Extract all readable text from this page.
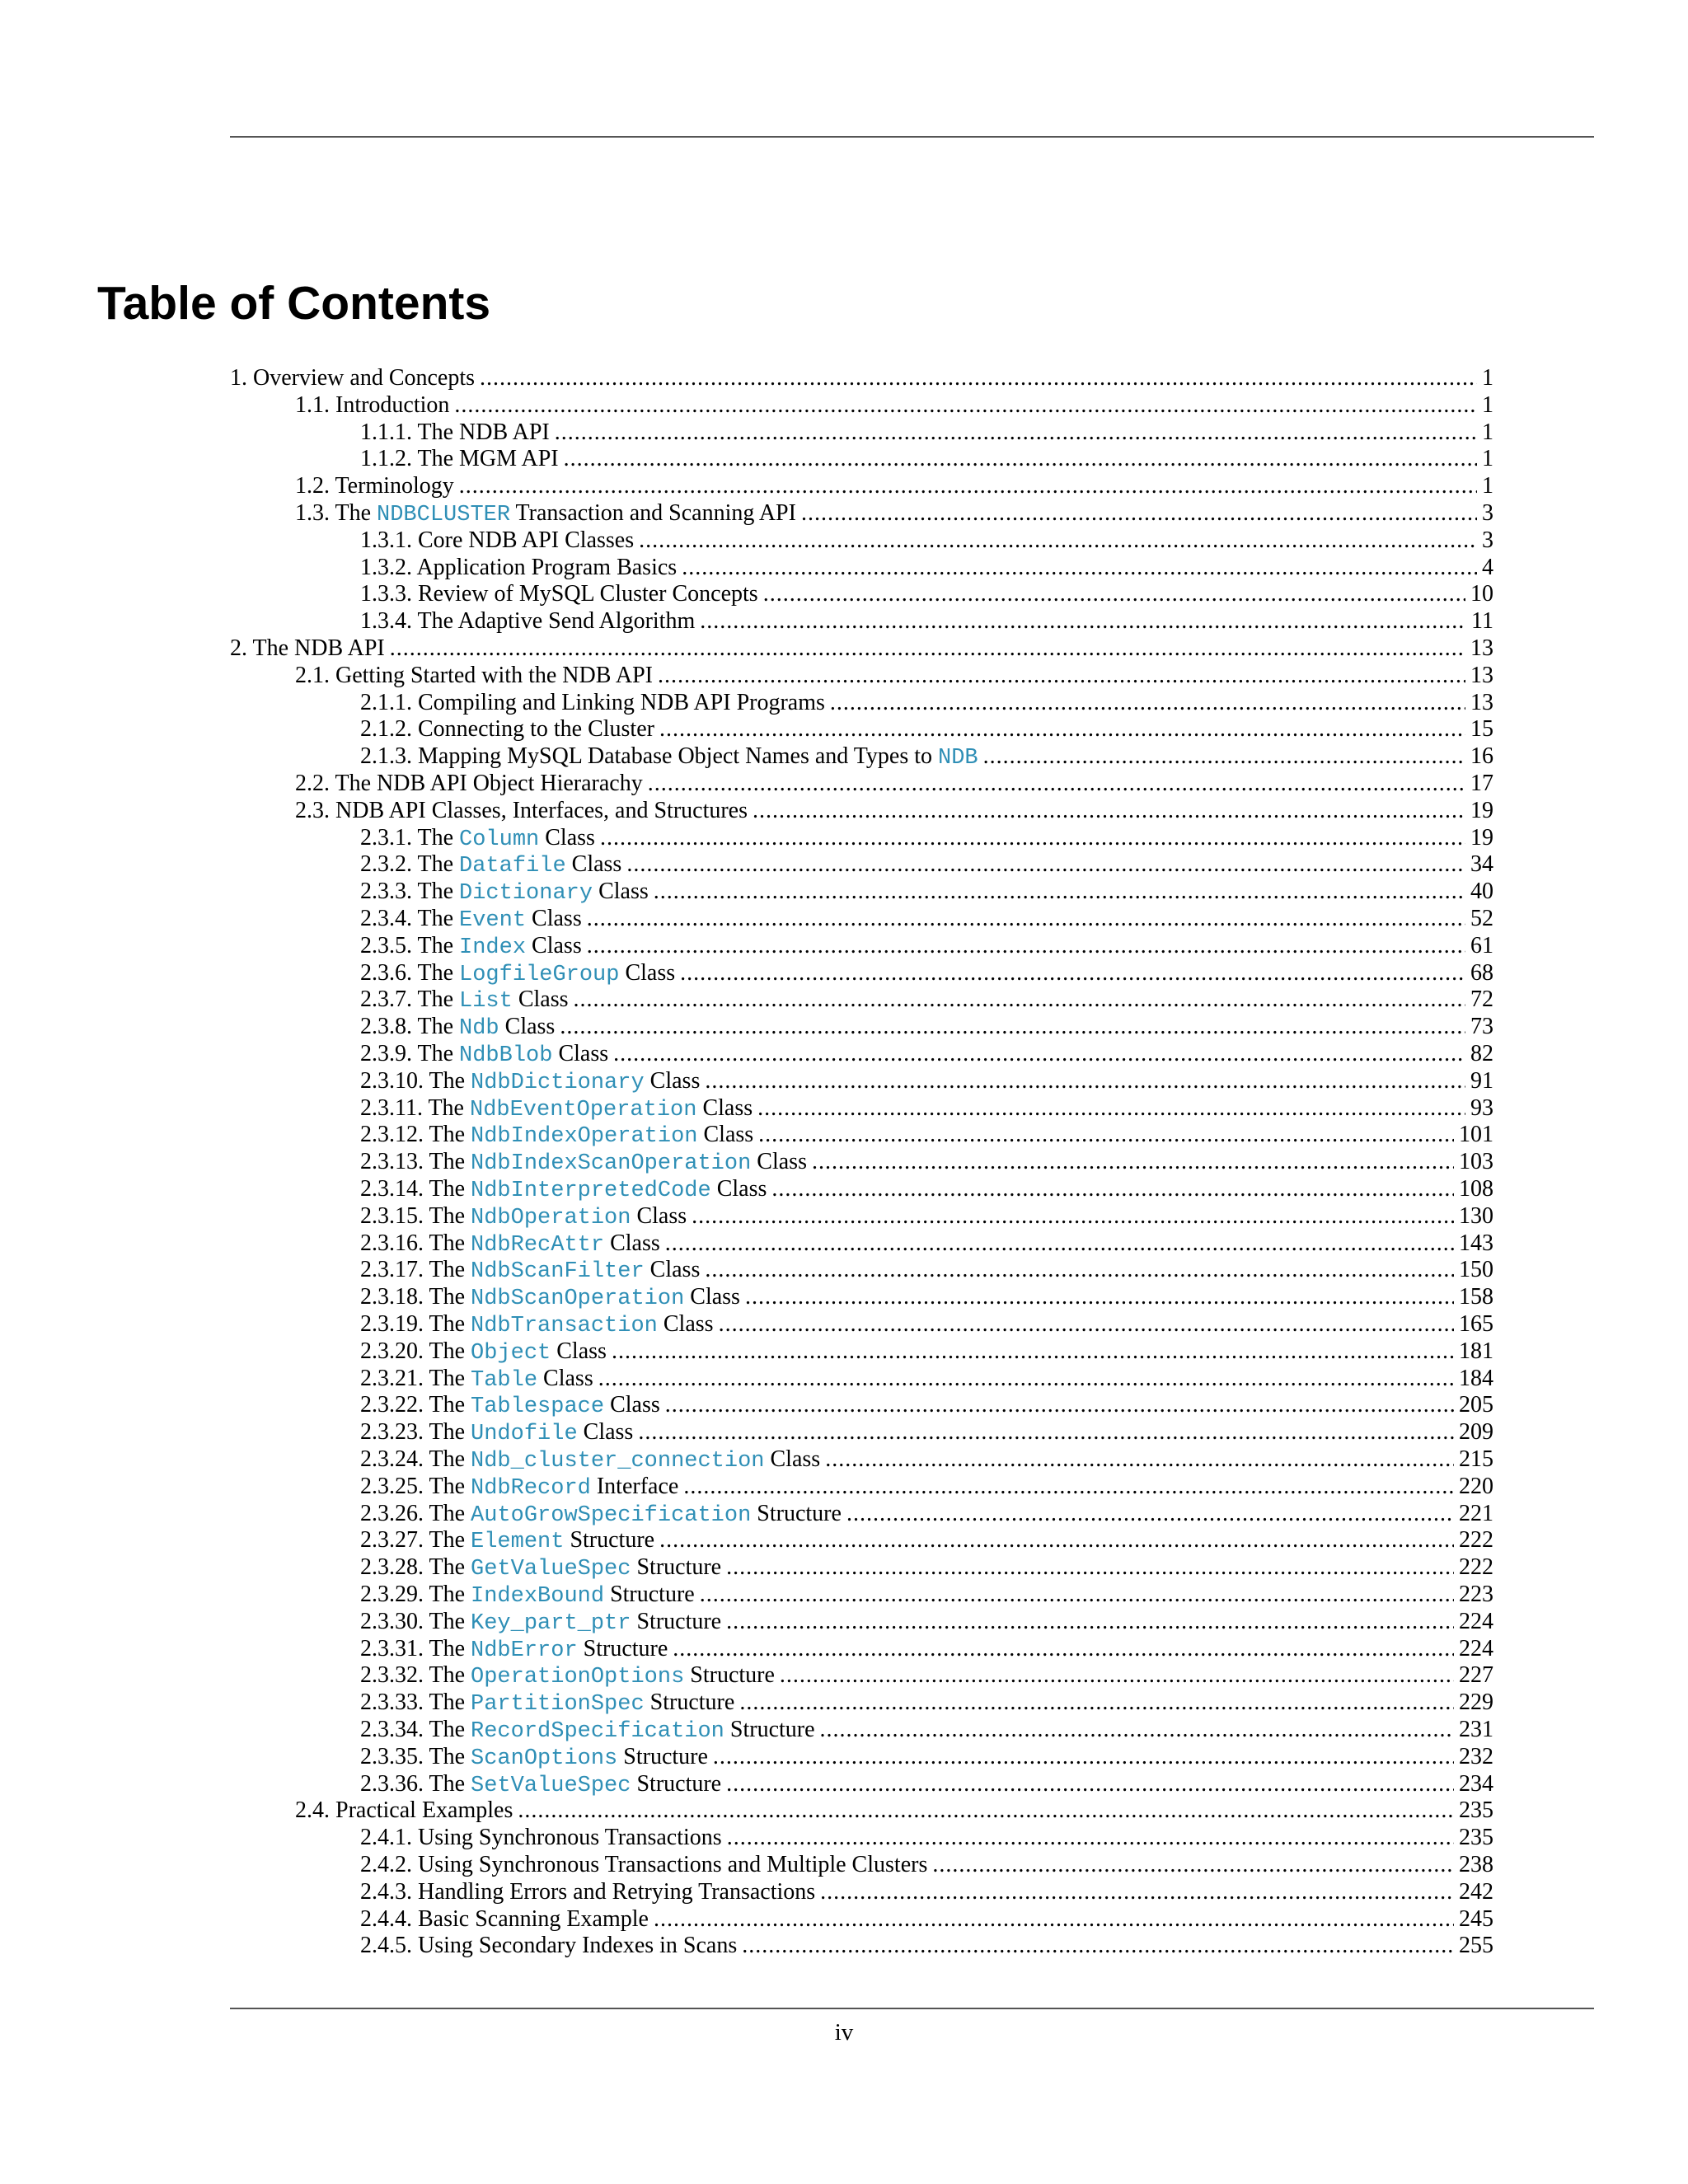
Table of Contents
1. Overview and Concepts . . .	1
1.1. Introduction . . .	1
1.1.1. The NDB API . . .	1
1.1.2. The MGM API . . .	1
1.2. Terminology . . .	1
1.3. The NDBCLUSTER Transaction and Scanning API . . .	3
1.3.1. Core NDB API Classes . . .	3
1.3.2. Application Program Basics . . .	4
1.3.3. Review of MySQL Cluster Concepts . . .	10
1.3.4. The Adaptive Send Algorithm . . .	11
2. The NDB API . . .	13
2.1. Getting Started with the NDB API . . .	13
2.1.1. Compiling and Linking NDB API Programs . . .	13
2.1.2. Connecting to the Cluster . . .	15
2.1.3. Mapping MySQL Database Object Names and Types to NDB . . .	16
2.2. The NDB API Object Hierarachy . . .	17
2.3. NDB API Classes, Interfaces, and Structures . . .	19
2.3.1. The Column Class . . .	19
2.3.2. The Datafile Class . . .	34
2.3.3. The Dictionary Class . . .	40
2.3.4. The Event Class . . .	52
2.3.5. The Index Class . . .	61
2.3.6. The LogfileGroup Class . . .	68
2.3.7. The List Class . . .	72
2.3.8. The Ndb Class . . .	73
2.3.9. The NdbBlob Class . . .	82
2.3.10. The NdbDictionary Class . . .	91
2.3.11. The NdbEventOperation Class . . .	93
2.3.12. The NdbIndexOperation Class . . .	101
2.3.13. The NdbIndexScanOperation Class . . .	103
2.3.14. The NdbInterpretedCode Class . . .	108
2.3.15. The NdbOperation Class . . .	130
2.3.16. The NdbRecAttr Class . . .	143
2.3.17. The NdbScanFilter Class . . .	150
2.3.18. The NdbScanOperation Class . . .	158
2.3.19. The NdbTransaction Class . . .	165
2.3.20. The Object Class . . .	181
2.3.21. The Table Class . . .	184
2.3.22. The Tablespace Class . . .	205
2.3.23. The Undofile Class . . .	209
2.3.24. The Ndb_cluster_connection Class . . .	215
2.3.25. The NdbRecord Interface . . .	220
2.3.26. The AutoGrowSpecification Structure . . .	221
2.3.27. The Element Structure . . .	222
2.3.28. The GetValueSpec Structure . . .	222
2.3.29. The IndexBound Structure . . .	223
2.3.30. The Key_part_ptr Structure . . .	224
2.3.31. The NdbError Structure . . .	224
2.3.32. The OperationOptions Structure . . .	227
2.3.33. The PartitionSpec Structure . . .	229
2.3.34. The RecordSpecification Structure . . .	231
2.3.35. The ScanOptions Structure . . .	232
2.3.36. The SetValueSpec Structure . . .	234
2.4. Practical Examples . . .	235
2.4.1. Using Synchronous Transactions . . .	235
2.4.2. Using Synchronous Transactions and Multiple Clusters . . .	238
2.4.3. Handling Errors and Retrying Transactions . . .	242
2.4.4. Basic Scanning Example . . .	245
2.4.5. Using Secondary Indexes in Scans . . .	255
iv
